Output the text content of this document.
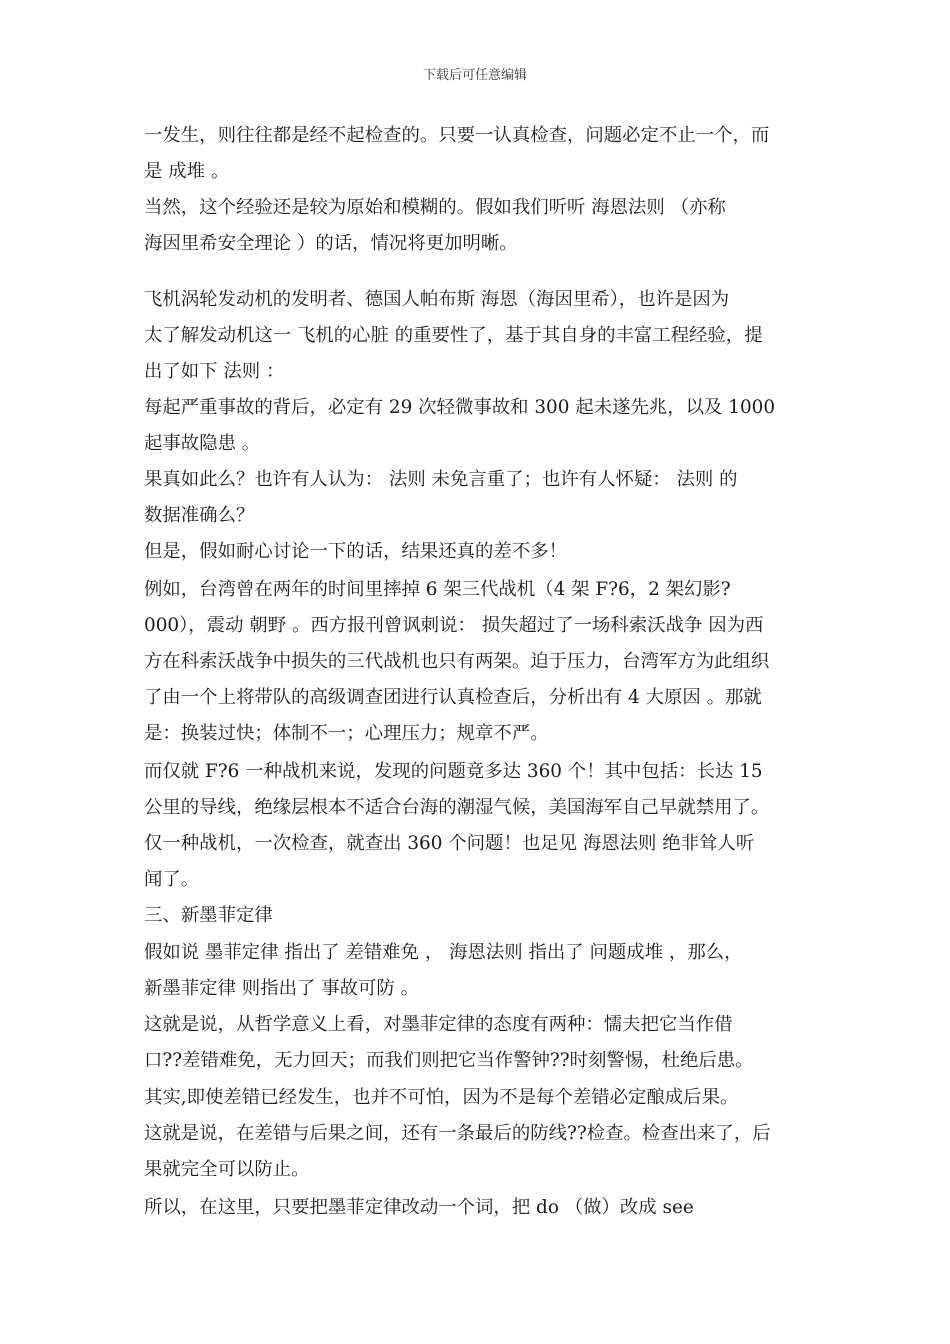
下载后可任意编辑
一发生，则往往都是经不起检查的。只要一认真检查，问题必定不止一个，而
是 成堆 。
当然，这个经验还是较为原始和模糊的。假如我们听听 海恩法则 （亦称
海因里希安全理论 ）的话，情况将更加明晰。
飞机涡轮发动机的发明者、德国人帕布斯 海恩（海因里希），也许是因为
太了解发动机这一 飞机的心脏 的重要性了，基于其自身的丰富工程经验，提
出了如下 法则 ：
每起严重事故的背后，必定有 29 次轻微事故和 300 起未遂先兆，以及 1000
起事故隐患 。
果真如此么？也许有人认为： 法则 未免言重了；也许有人怀疑： 法则 的
数据准确么？
但是，假如耐心讨论一下的话，结果还真的差不多！
例如，台湾曾在两年的时间里摔掉 6 架三代战机（4 架 F?6，2 架幻影?
000），震动 朝野 。西方报刊曾讽刺说： 损失超过了一场科索沃战争 因为西
方在科索沃战争中损失的三代战机也只有两架。迫于压力，台湾军方为此组织
了由一个上将带队的高级调查团进行认真检查后，分析出有 4 大原因 。那就
是：换装过快；体制不一；心理压力；规章不严。
而仅就 F?6 一种战机来说，发现的问题竟多达 360 个！其中包括：长达 15
公里的导线，绝缘层根本不适合台海的潮湿气候，美国海军自己早就禁用了。
仅一种战机，一次检查，就查出 360 个问题！也足见 海恩法则 绝非耸人听
闻了。
三、新墨菲定律
假如说 墨菲定律 指出了 差错难免 ， 海恩法则 指出了 问题成堆 ，那么，
新墨菲定律 则指出了 事故可防 。
这就是说，从哲学意义上看，对墨菲定律的态度有两种：懦夫把它当作借
口??差错难免，无力回天；而我们则把它当作警钟??时刻警惕，杜绝后患。
其实,即使差错已经发生，也并不可怕，因为不是每个差错必定酿成后果。
这就是说，在差错与后果之间，还有一条最后的防线??检查。检查出来了，后
果就完全可以防止。
所以，在这里，只要把墨菲定律改动一个词，把 do （做）改成 see
